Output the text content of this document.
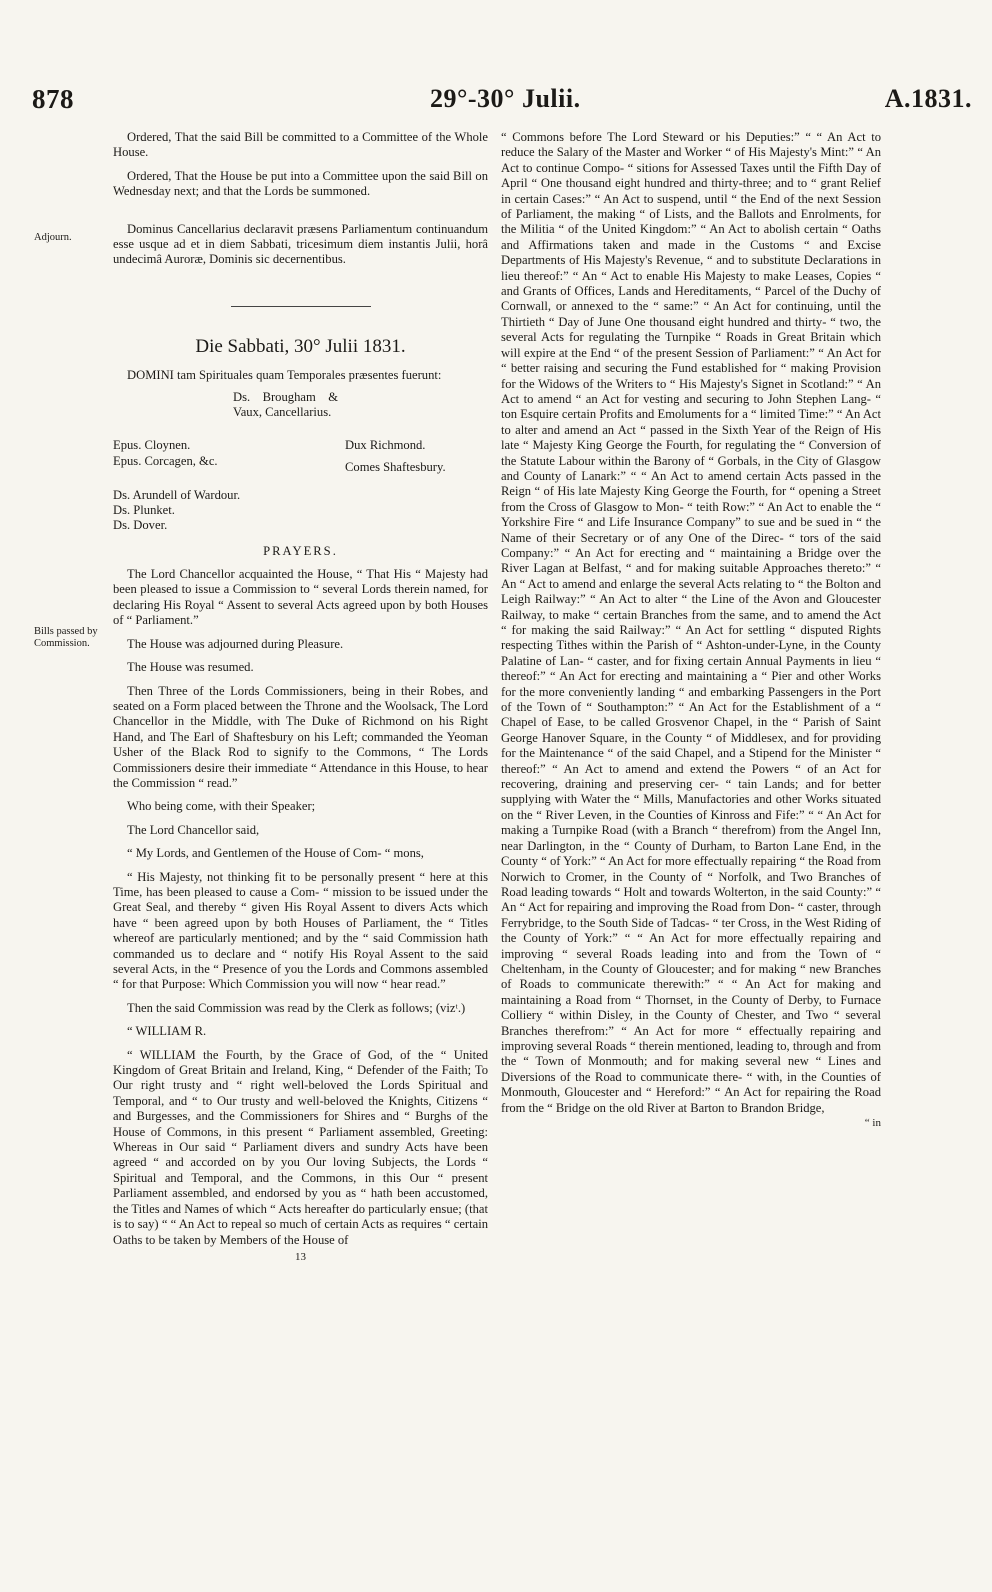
878	29°-30° Julii.	A.1831.
Adjourn.
Bills passed by Commission.

Ordered, That the said Bill be committed to a Committee of the Whole House.

Ordered, That the House be put into a Committee upon the said Bill on Wednesday next; and that the Lords be summoned.

Dominus Cancellarius declaravit præsens Parliamentum continuandum esse usque ad et in diem Sabbati, tricesimum diem instantis Julii, horâ undecimâ Auroræ, Dominis sic decernentibus.

Die Sabbati, 30° Julii 1831.

DOMINI tam Spirituales quam Temporales præsentes fuerunt:

Ds. Brougham & Vaux, Cancellarius.
Epus. Cloynen.
Epus. Corcagen, &c.
Dux Richmond.
Comes Shaftesbury.
Ds. Arundell of Wardour.
Ds. Plunket.
Ds. Dover.

PRAYERS.

The Lord Chancellor acquainted the House, “ That His “ Majesty had been pleased to issue a Commission to “ several Lords therein named, for declaring His Royal “ Assent to several Acts agreed upon by both Houses of “ Parliament.”

The House was adjourned during Pleasure.

The House was resumed.

Then Three of the Lords Commissioners, being in their Robes, and seated on a Form placed between the Throne and the Woolsack, The Lord Chancellor in the Middle, with The Duke of Richmond on his Right Hand, and The Earl of Shaftesbury on his Left; commanded the Yeoman Usher of the Black Rod to signify to the Commons, “ The Lords Commissioners desire their immediate “ Attendance in this House, to hear the Commission “ read.”

Who being come, with their Speaker;

The Lord Chancellor said,

“ My Lords, and Gentlemen of the House of Com- “ mons,

“ His Majesty, not thinking fit to be personally present “ here at this Time, has been pleased to cause a Com- “ mission to be issued under the Great Seal, and thereby “ given His Royal Assent to divers Acts which have “ been agreed upon by both Houses of Parliament, the “ Titles whereof are particularly mentioned; and by the “ said Commission hath commanded us to declare and “ notify His Royal Assent to the said several Acts, in the “ Presence of you the Lords and Commons assembled “ for that Purpose: Which Commission you will now “ hear read.”

Then the said Commission was read by the Clerk as follows; (vizᵗ.)

“ WILLIAM R.

“ WILLIAM the Fourth, by the Grace of God, of the “ United Kingdom of Great Britain and Ireland, King, “ Defender of the Faith; To Our right trusty and “ right well-beloved the Lords Spiritual and Temporal, and “ to Our trusty and well-beloved the Knights, Citizens “ and Burgesses, and the Commissioners for Shires and “ Burghs of the House of Commons, in this present “ Parliament assembled, Greeting: Whereas in Our said “ Parliament divers and sundry Acts have been agreed “ and accorded on by you Our loving Subjects, the Lords “ Spiritual and Temporal, and the Commons, in this Our “ present Parliament assembled, and endorsed by you as “ hath been accustomed, the Titles and Names of which “ Acts hereafter do particularly ensue; (that is to say) “ “ An Act to repeal so much of certain Acts as requires “ certain Oaths to be taken by Members of the House of

13

“ Commons before The Lord Steward or his Deputies:” “ “ An Act to reduce the Salary of the Master and Worker “ of His Majesty's Mint:” “ An Act to continue Compo- “ sitions for Assessed Taxes until the Fifth Day of April “ One thousand eight hundred and thirty-three; and to “ grant Relief in certain Cases:” “ An Act to suspend, until “ the End of the next Session of Parliament, the making “ of Lists, and the Ballots and Enrolments, for the Militia “ of the United Kingdom:” “ An Act to abolish certain “ Oaths and Affirmations taken and made in the Customs “ and Excise Departments of His Majesty's Revenue, “ and to substitute Declarations in lieu thereof:” “ An “ Act to enable His Majesty to make Leases, Copies “ and Grants of Offices, Lands and Hereditaments, “ Parcel of the Duchy of Cornwall, or annexed to the “ same:” “ An Act for continuing, until the Thirtieth “ Day of June One thousand eight hundred and thirty- “ two, the several Acts for regulating the Turnpike “ Roads in Great Britain which will expire at the End “ of the present Session of Parliament:” “ An Act for “ better raising and securing the Fund established for “ making Provision for the Widows of the Writers to “ His Majesty's Signet in Scotland:” “ An Act to amend “ an Act for vesting and securing to John Stephen Lang- “ ton Esquire certain Profits and Emoluments for a “ limited Time:” “ An Act to alter and amend an Act “ passed in the Sixth Year of the Reign of His late “ Majesty King George the Fourth, for regulating the “ Conversion of the Statute Labour within the Barony of “ Gorbals, in the City of Glasgow and County of Lanark:” “ “ An Act to amend certain Acts passed in the Reign “ of His late Majesty King George the Fourth, for “ opening a Street from the Cross of Glasgow to Mon- “ teith Row:” “ An Act to enable the “ Yorkshire Fire “ and Life Insurance Company” to sue and be sued in “ the Name of their Secretary or of any One of the Direc- “ tors of the said Company:” “ An Act for erecting and “ maintaining a Bridge over the River Lagan at Belfast, “ and for making suitable Approaches thereto:” “ An “ Act to amend and enlarge the several Acts relating to “ the Bolton and Leigh Railway:” “ An Act to alter “ the Line of the Avon and Gloucester Railway, to make “ certain Branches from the same, and to amend the Act “ for making the said Railway:” “ An Act for settling “ disputed Rights respecting Tithes within the Parish of “ Ashton-under-Lyne, in the County Palatine of Lan- “ caster, and for fixing certain Annual Payments in lieu “ thereof:” “ An Act for erecting and maintaining a “ Pier and other Works for the more conveniently landing “ and embarking Passengers in the Port of the Town of “ Southampton:” “ An Act for the Establishment of a “ Chapel of Ease, to be called Grosvenor Chapel, in the “ Parish of Saint George Hanover Square, in the County “ of Middlesex, and for providing for the Maintenance “ of the said Chapel, and a Stipend for the Minister “ thereof:” “ An Act to amend and extend the Powers “ of an Act for recovering, draining and preserving cer- “ tain Lands; and for better supplying with Water the “ Mills, Manufactories and other Works situated on the “ River Leven, in the Counties of Kinross and Fife:” “ “ An Act for making a Turnpike Road (with a Branch “ therefrom) from the Angel Inn, near Darlington, in the “ County of Durham, to Barton Lane End, in the County “ of York:” “ An Act for more effectually repairing “ the Road from Norwich to Cromer, in the County of “ Norfolk, and Two Branches of Road leading towards “ Holt and towards Wolterton, in the said County:” “ An “ Act for repairing and improving the Road from Don- “ caster, through Ferrybridge, to the South Side of Tadcas- “ ter Cross, in the West Riding of the County of York:” “ “ An Act for more effectually repairing and improving “ several Roads leading into and from the Town of “ Cheltenham, in the County of Gloucester; and for making “ new Branches of Roads to communicate therewith:” “ “ An Act for making and maintaining a Road from “ Thornset, in the County of Derby, to Furnace Colliery “ within Disley, in the County of Chester, and Two “ several Branches therefrom:” “ An Act for more “ effectually repairing and improving several Roads “ therein mentioned, leading to, through and from the “ Town of Monmouth; and for making several new “ Lines and Diversions of the Road to communicate there- “ with, in the Counties of Monmouth, Gloucester and “ Hereford:” “ An Act for repairing the Road from the “ Bridge on the old River at Barton to Brandon Bridge,

“ in
